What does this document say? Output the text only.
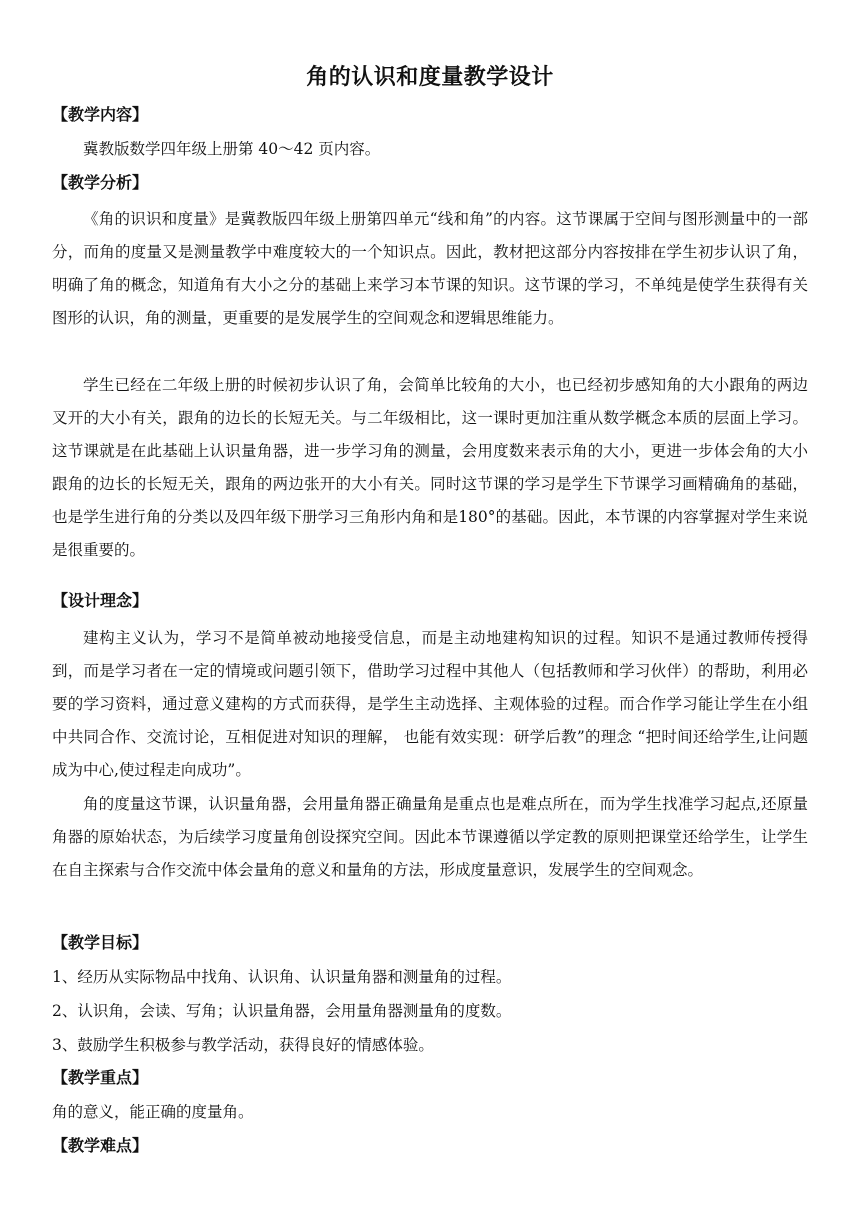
角的认识和度量教学设计
【教学内容】
冀教版数学四年级上册第 40～42 页内容。
【教学分析】

《角的识识和度量》是冀教版四年级上册第四单元“线和角”的内容。这节课属于空间与图形测量中的一部分，而角的度量又是测量教学中难度较大的一个知识点。因此，教材把这部分内容按排在学生初步认识了角，明确了角的概念，知道角有大小之分的基础上来学习本节课的知识。这节课的学习，不单纯是使学生获得有关图形的认识，角的测量，更重要的是发展学生的空间观念和逻辑思维能力。

学生已经在二年级上册的时候初步认识了角，会简单比较角的大小，也已经初步感知角的大小跟角的两边叉开的大小有关，跟角的边长的长短无关。与二年级相比，这一课时更加注重从数学概念本质的层面上学习。这节课就是在此基础上认识量角器，进一步学习角的测量，会用度数来表示角的大小，更进一步体会角的大小跟角的边长的长短无关，跟角的两边张开的大小有关。同时这节课的学习是学生下节课学习画精确角的基础，也是学生进行角的分类以及四年级下册学习三角形内角和是180°的基础。因此，本节课的内容掌握对学生来说是很重要的。

【设计理念】

建构主义认为，学习不是简单被动地接受信息，而是主动地建构知识的过程。知识不是通过教师传授得到，而是学习者在一定的情境或问题引领下，借助学习过程中其他人（包括教师和学习伙伴）的帮助，利用必要的学习资料，通过意义建构的方式而获得，是学生主动选择、主观体验的过程。而合作学习能让学生在小组中共同合作、交流讨论，互相促进对知识的理解， 也能有效实现：研学后教”的理念 “把时间还给学生,让问题成为中心,使过程走向成功”。

角的度量这节课，认识量角器，会用量角器正确量角是重点也是难点所在，而为学生找准学习起点,还原量角器的原始状态，为后续学习度量角创设探究空间。因此本节课遵循以学定教的原则把课堂还给学生，让学生在自主探索与合作交流中体会量角的意义和量角的方法，形成度量意识，发展学生的空间观念。

【教学目标】
1、经历从实际物品中找角、认识角、认识量角器和测量角的过程。
2、认识角，会读、写角；认识量角器，会用量角器测量角的度数。
3、鼓励学生积极参与教学活动，获得良好的情感体验。
【教学重点】
角的意义，能正确的度量角。
【教学难点】
